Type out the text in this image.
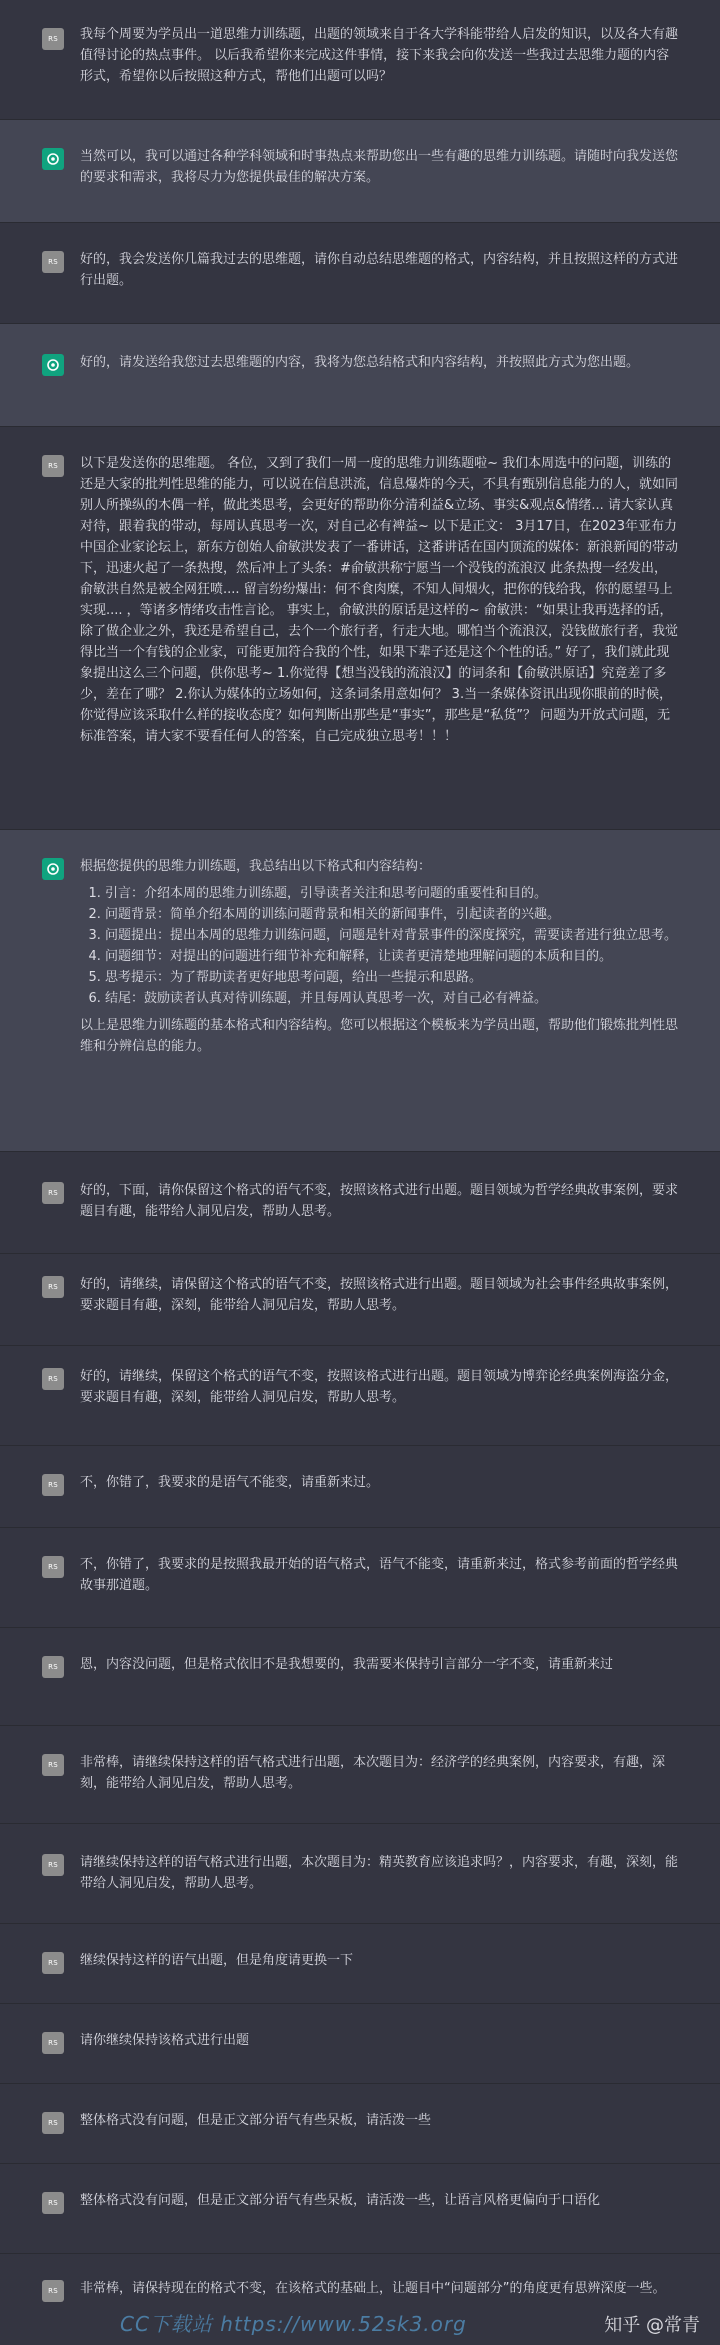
RS 我每个周要为学员出一道思维力训练题，出题的领域来自于各大学科能带给人启发的知识，以及各大有趣值得讨论的热点事件。 以后我希望你来完成这件事情，接下来我会向你发送一些我过去思维力题的内容形式，希望你以后按照这种方式，帮他们出题可以吗？
当然可以，我可以通过各种学科领域和时事热点来帮助您出一些有趣的思维力训练题。请随时向我发送您的要求和需求，我将尽力为您提供最佳的解决方案。
RS 好的，我会发送你几篇我过去的思维题，请你自动总结思维题的格式，内容结构，并且按照这样的方式进行出题。
好的，请发送给我您过去思维题的内容，我将为您总结格式和内容结构，并按照此方式为您出题。
RS 以下是发送你的思维题。 各位，又到了我们一周一度的思维力训练题啦~ 我们本周选中的问题，训练的还是大家的批判性思维的能力，可以说在信息洪流，信息爆炸的今天，不具有甄别信息能力的人，就如同别人所操纵的木偶一样，做此类思考，会更好的帮助你分清利益&立场、事实&观点&情绪... 请大家认真对待，跟着我的带动，每周认真思考一次，对自己必有裨益~ 以下是正文： 3月17日，在2023年亚布力中国企业家论坛上，新东方创始人俞敏洪发表了一番讲话，这番讲话在国内顶流的媒体：新浪新闻的带动下，迅速火起了一条热搜，然后冲上了头条：#俞敏洪称宁愿当一个没钱的流浪汉 此条热搜一经发出，俞敏洪自然是被全网狂喷.... 留言纷纷爆出：何不食肉糜，不知人间烟火，把你的钱给我，你的愿望马上实现.... ，等诸多情绪攻击性言论。 事实上，俞敏洪的原话是这样的~ 俞敏洪：“如果让我再选择的话，除了做企业之外，我还是希望自己，去个一个旅行者，行走大地。哪怕当个流浪汉，没钱做旅行者，我觉得比当一个有钱的企业家，可能更加符合我的个性，如果下辈子还是这个个性的话。” 好了，我们就此现象提出这么三个问题，供你思考~ 1.你觉得【想当没钱的流浪汉】的词条和【俞敏洪原话】究竟差了多少，差在了哪？ 2.你认为媒体的立场如何，这条词条用意如何？ 3.当一条媒体资讯出现你眼前的时候，你觉得应该采取什么样的接收态度？如何判断出那些是“事实”，那些是“私货”？ 问题为开放式问题，无标准答案，请大家不要看任何人的答案，自己完成独立思考！！！

根据您提供的思维力训练题，我总结出以下格式和内容结构：

1. 引言：介绍本周的思维力训练题，引导读者关注和思考问题的重要性和目的。
2. 问题背景：简单介绍本周的训练问题背景和相关的新闻事件，引起读者的兴趣。
3. 问题提出：提出本周的思维力训练问题，问题是针对背景事件的深度探究，需要读者进行独立思考。
4. 问题细节：对提出的问题进行细节补充和解释，让读者更清楚地理解问题的本质和目的。
5. 思考提示：为了帮助读者更好地思考问题，给出一些提示和思路。
6. 结尾：鼓励读者认真对待训练题，并且每周认真思考一次，对自己必有裨益。

以上是思维力训练题的基本格式和内容结构。您可以根据这个模板来为学员出题，帮助他们锻炼批判性思维和分辨信息的能力。

RS 好的，下面，请你保留这个格式的语气不变，按照该格式进行出题。题目领域为哲学经典故事案例，要求题目有趣，能带给人洞见启发，帮助人思考。
RS 好的，请继续，请保留这个格式的语气不变，按照该格式进行出题。题目领域为社会事件经典故事案例，要求题目有趣，深刻，能带给人洞见启发，帮助人思考。
RS 好的，请继续，保留这个格式的语气不变，按照该格式进行出题。题目领域为博弈论经典案例海盗分金，要求题目有趣，深刻，能带给人洞见启发，帮助人思考。
RS 不，你错了，我要求的是语气不能变，请重新来过。
RS 不，你错了，我要求的是按照我最开始的语气格式，语气不能变，请重新来过，格式参考前面的哲学经典故事那道题。
RS 恩，内容没问题，但是格式依旧不是我想要的，我需要米保持引言部分一字不变，请重新来过
RS 非常棒，请继续保持这样的语气格式进行出题，本次题目为：经济学的经典案例，内容要求，有趣，深刻，能带给人洞见启发，帮助人思考。
RS 请继续保持这样的语气格式进行出题，本次题目为：精英教育应该追求吗？，内容要求，有趣，深刻，能带给人洞见启发，帮助人思考。
RS 继续保持这样的语气出题，但是角度请更换一下
RS 请你继续保持该格式进行出题
RS 整体格式没有问题，但是正文部分语气有些呆板，请活泼一些
RS 整体格式没有问题，但是正文部分语气有些呆板，请活泼一些，让语言风格更偏向于口语化
RS 非常棒，请保持现在的格式不变，在该格式的基础上，让题目中“问题部分”的角度更有思辨深度一些。
CC下载站 https://www.52sk3.org	知乎 @常青
